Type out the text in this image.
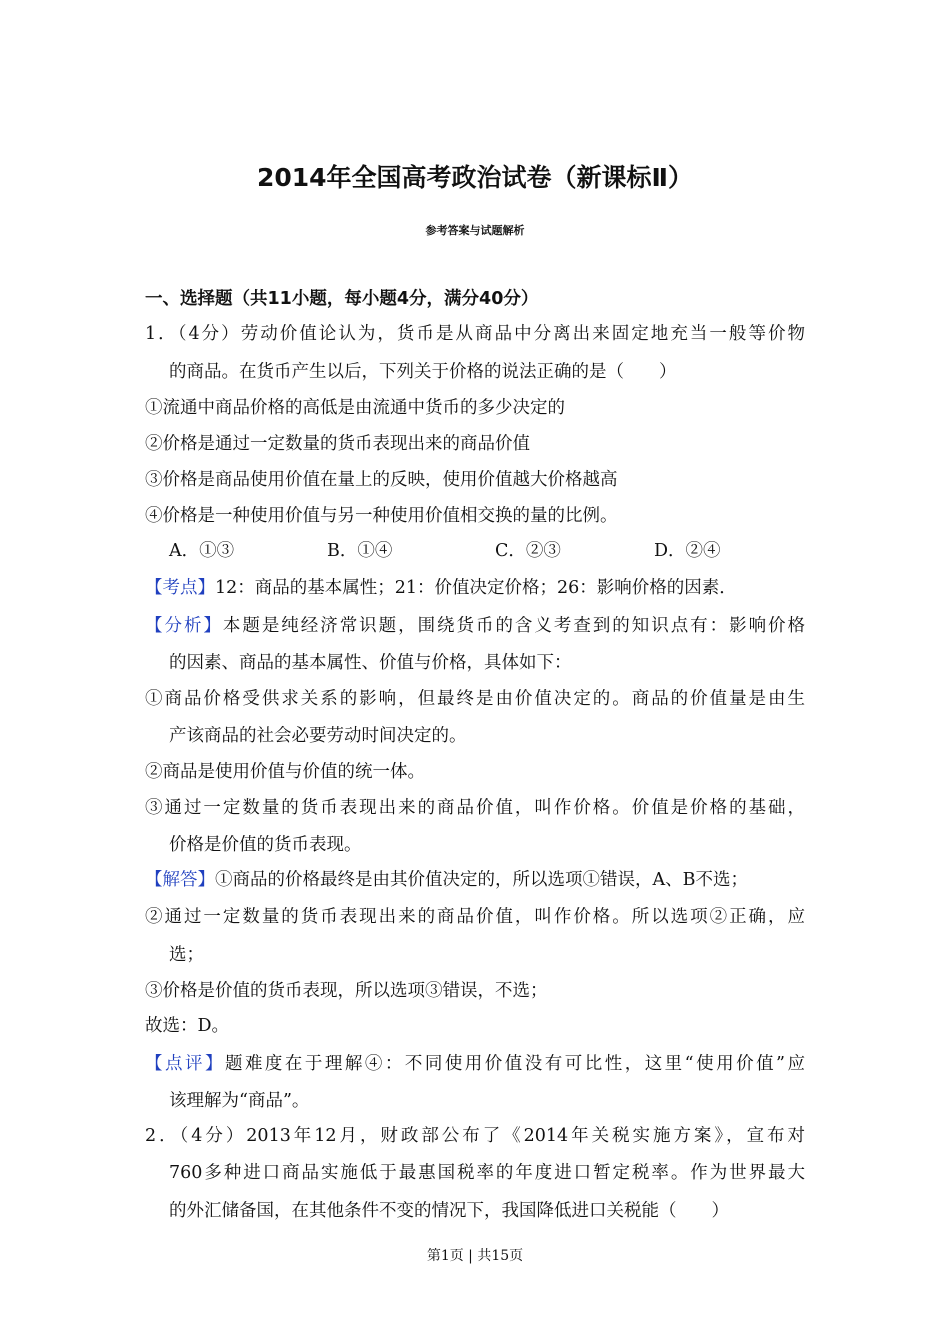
2014年全国高考政治试卷（新课标Ⅱ）
参考答案与试题解析
一、选择题（共11小题，每小题4分，满分40分）
1．（4分）劳动价值论认为，货币是从商品中分离出来固定地充当一般等价物
的商品。在货币产生以后，下列关于价格的说法正确的是（　　）
①流通中商品价格的高低是由流通中货币的多少决定的
②价格是通过一定数量的货币表现出来的商品价值
③价格是商品使用价值在量上的反映，使用价值越大价格越高
④价格是一种使用价值与另一种使用价值相交换的量的比例。
A．①③	B．①④	C．②③	D．②④
【考点】12：商品的基本属性；21：价值决定价格；26：影响价格的因素．
【分析】本题是纯经济常识题，围绕货币的含义考查到的知识点有：影响价格
的因素、商品的基本属性、价值与价格，具体如下：
①商品价格受供求关系的影响，但最终是由价值决定的。商品的价值量是由生
产该商品的社会必要劳动时间决定的。
②商品是使用价值与价值的统一体。
③通过一定数量的货币表现出来的商品价值，叫作价格。价值是价格的基础，
价格是价值的货币表现。
【解答】①商品的价格最终是由其价值决定的，所以选项①错误，A、B不选；
②通过一定数量的货币表现出来的商品价值，叫作价格。所以选项②正确，应
选；
③价格是价值的货币表现，所以选项③错误，不选；
故选：D。
【点评】题难度在于理解④：不同使用价值没有可比性，这里“使用价值”应
该理解为“商品”。
2．（4分）2013年12月，财政部公布了《2014年关税实施方案》，宣布对
760多种进口商品实施低于最惠国税率的年度进口暂定税率。作为世界最大
的外汇储备国，在其他条件不变的情况下，我国降低进口关税能（　　）
第1页 | 共15页
